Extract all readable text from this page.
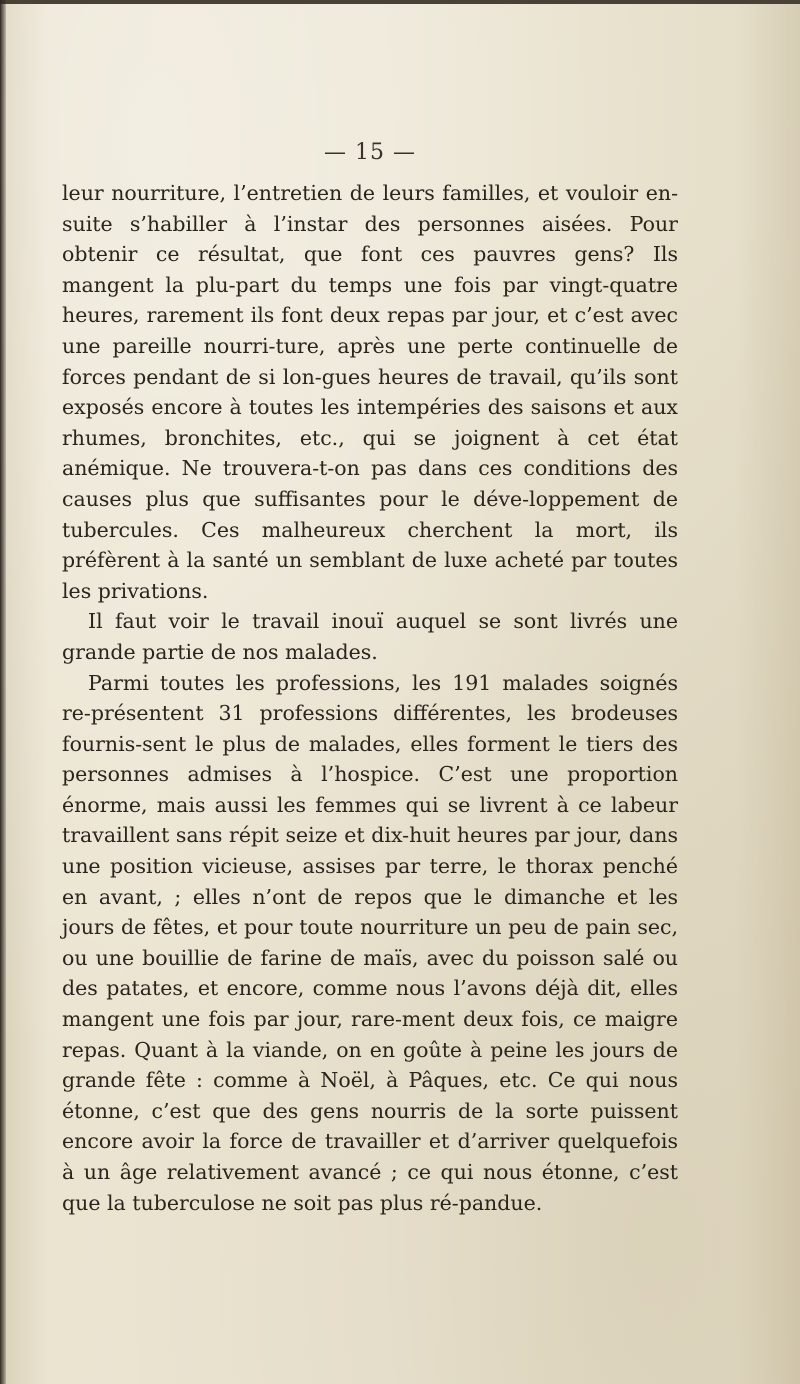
— 15 —

leur nourriture, l’entretien de leurs familles, et vouloir en-suite s’habiller à l’instar des personnes aisées. Pour obtenir ce résultat, que font ces pauvres gens? Ils mangent la plu-part du temps une fois par vingt-quatre heures, rarement ils font deux repas par jour, et c’est avec une pareille nourri-ture, après une perte continuelle de forces pendant de si lon-gues heures de travail, qu’ils sont exposés encore à toutes les intempéries des saisons et aux rhumes, bronchites, etc., qui se joignent à cet état anémique. Ne trouvera-t-on pas dans ces conditions des causes plus que suffisantes pour le déve-loppement de tubercules. Ces malheureux cherchent la mort, ils préfèrent à la santé un semblant de luxe acheté par toutes les privations.

Il faut voir le travail inouï auquel se sont livrés une grande partie de nos malades.

Parmi toutes les professions, les 191 malades soignés re-présentent 31 professions différentes, les brodeuses fournis-sent le plus de malades, elles forment le tiers des personnes admises à l’hospice. C’est une proportion énorme, mais aussi les femmes qui se livrent à ce labeur travaillent sans répit seize et dix-huit heures par jour, dans une position vicieuse, assises par terre, le thorax penché en avant, ; elles n’ont de repos que le dimanche et les jours de fêtes, et pour toute nourriture un peu de pain sec, ou une bouillie de farine de maïs, avec du poisson salé ou des patates, et encore, comme nous l’avons déjà dit, elles mangent une fois par jour, rare-ment deux fois, ce maigre repas. Quant à la viande, on en goûte à peine les jours de grande fête : comme à Noël, à Pâques, etc. Ce qui nous étonne, c’est que des gens nourris de la sorte puissent encore avoir la force de travailler et d’arriver quelquefois à un âge relativement avancé ; ce qui nous étonne, c’est que la tuberculose ne soit pas plus ré-pandue.
